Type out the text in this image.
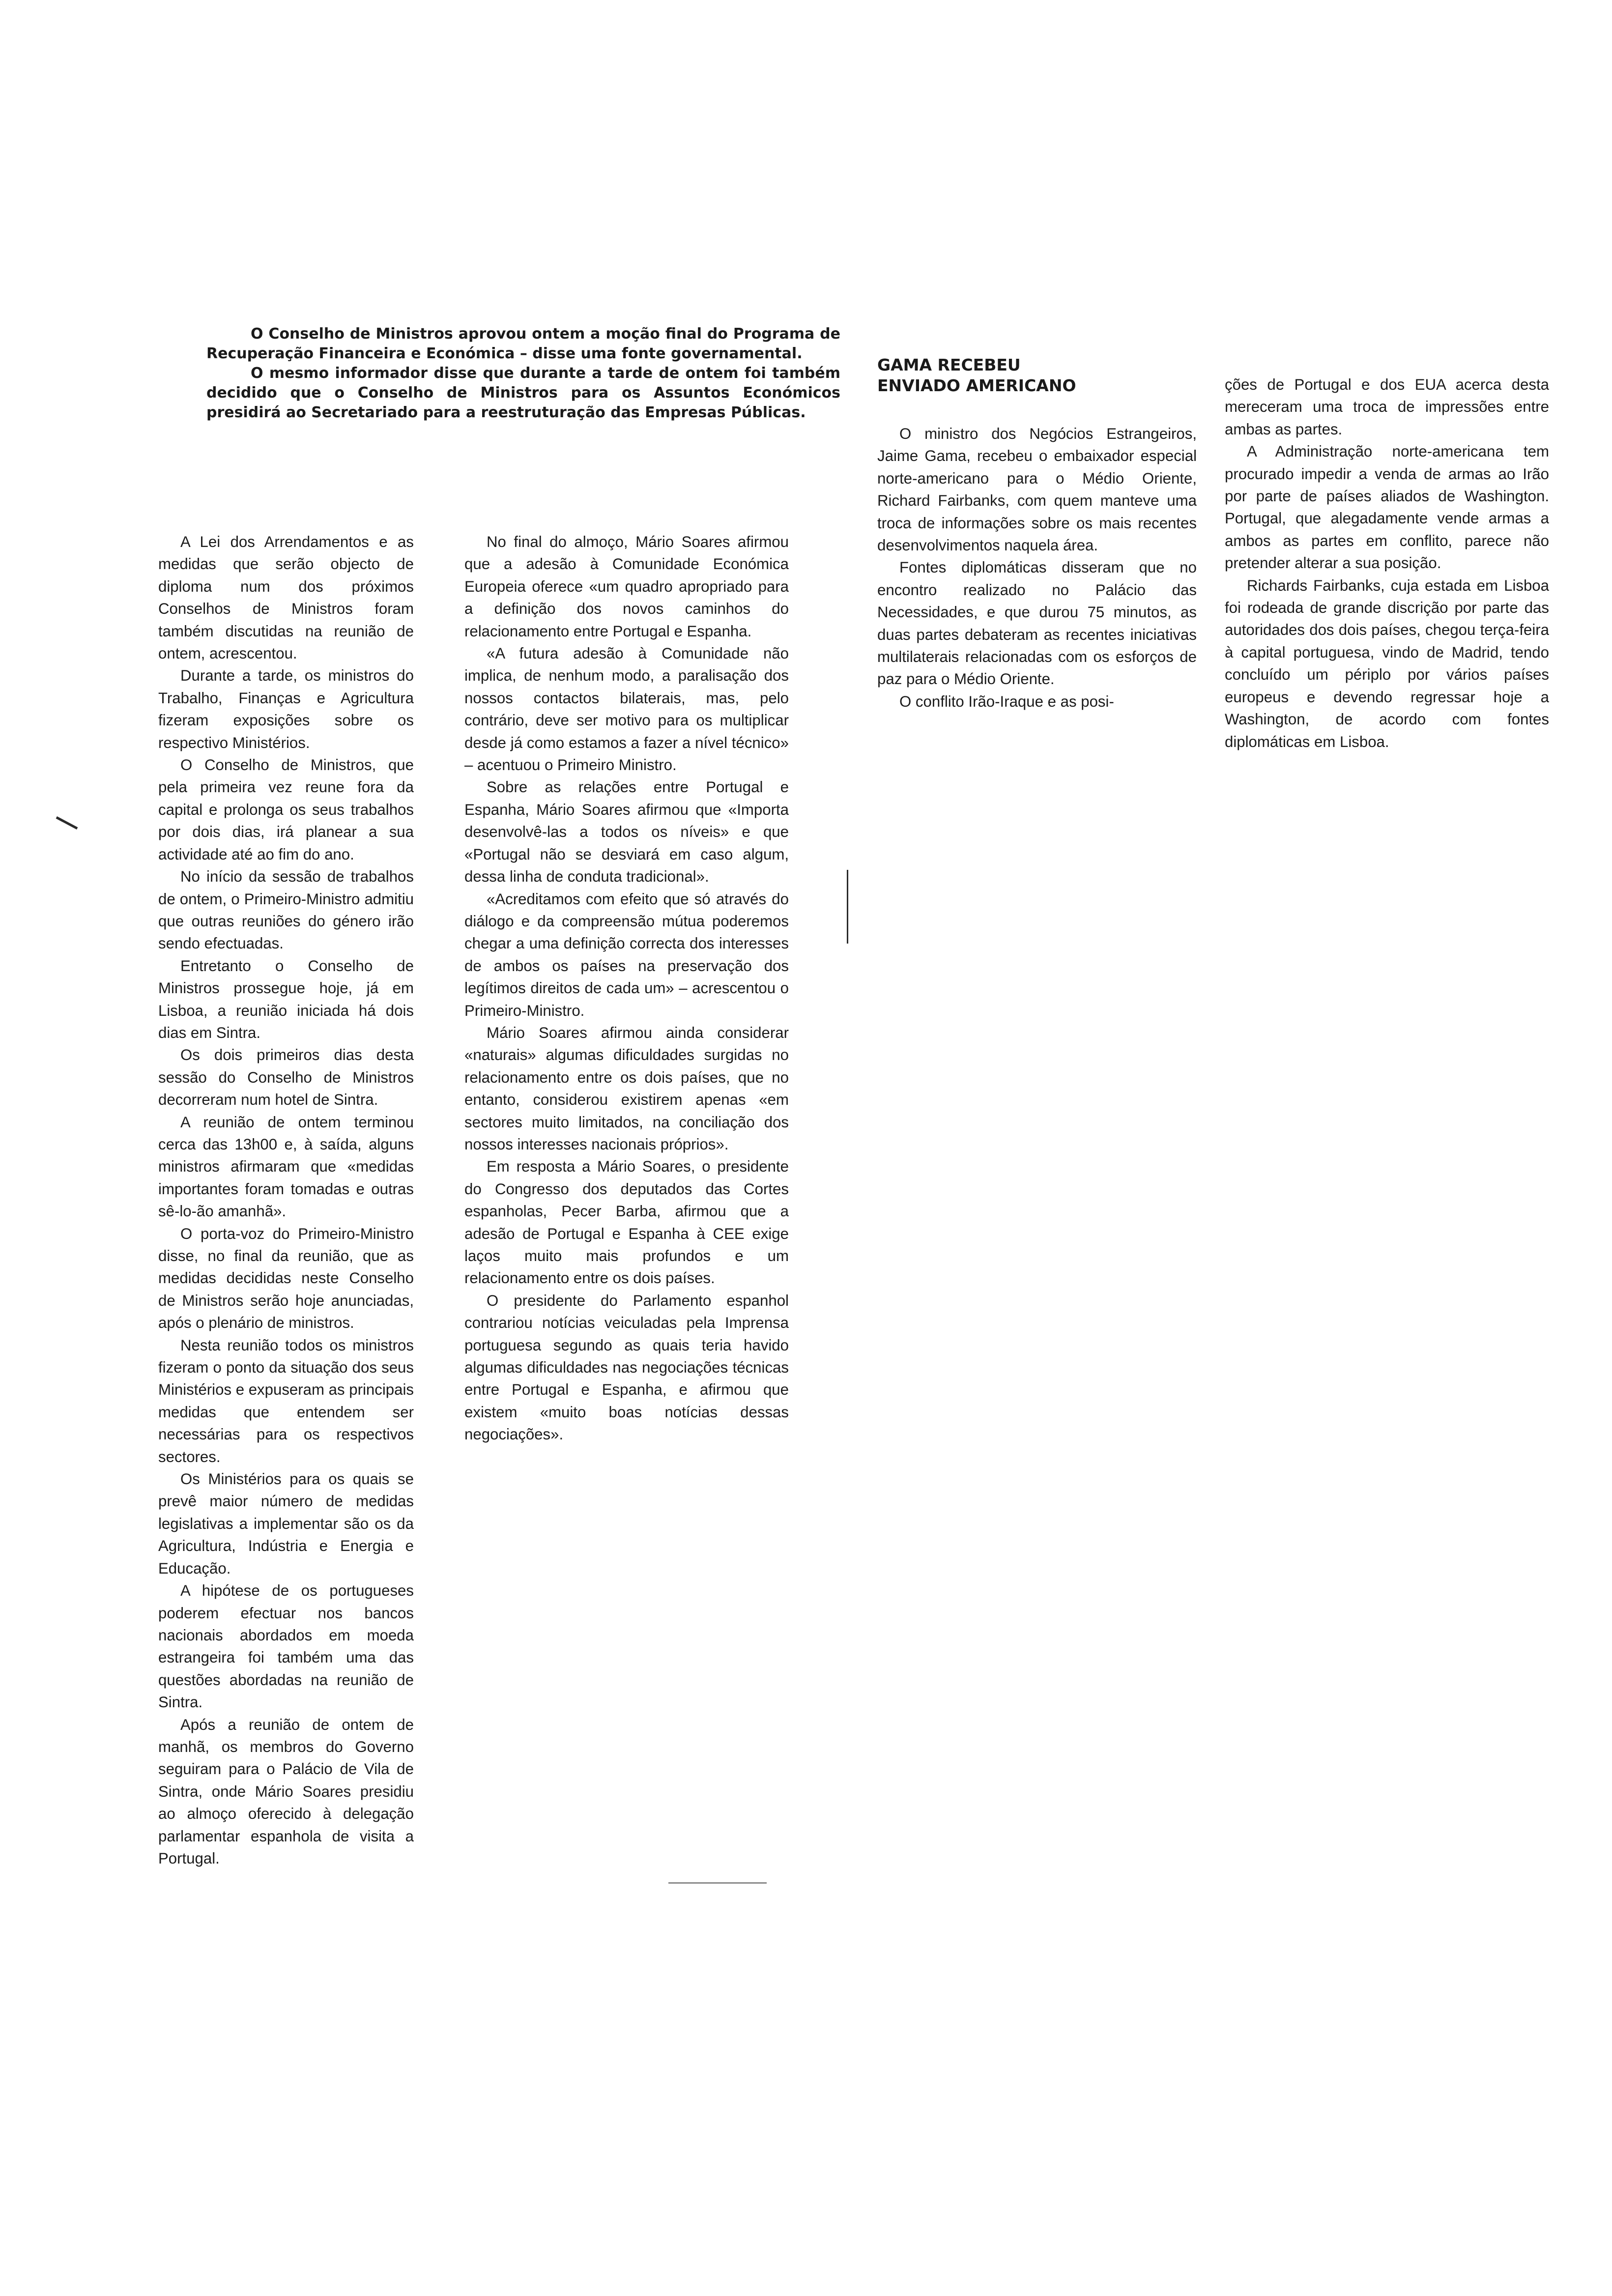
O Conselho de Ministros aprovou ontem a moção final do Programa de Recuperação Financeira e Económica – disse uma fonte governamental.

O mesmo informador disse que durante a tarde de ontem foi também decidido que o Conselho de Ministros para os Assuntos Económicos presidirá ao Secretariado para a reestruturação das Empresas Públicas.

A Lei dos Arrendamentos e as medidas que serão objecto de diploma num dos próximos Conselhos de Ministros foram também discutidas na reunião de ontem, acrescentou.

Durante a tarde, os ministros do Trabalho, Finanças e Agricultura fizeram exposições sobre os respectivo Ministérios.

O Conselho de Ministros, que pela primeira vez reune fora da capital e prolonga os seus trabalhos por dois dias, irá planear a sua actividade até ao fim do ano.

No início da sessão de trabalhos de ontem, o Primeiro-Ministro admitiu que outras reuniões do género irão sendo efectuadas.

Entretanto o Conselho de Ministros prossegue hoje, já em Lisboa, a reunião iniciada há dois dias em Sintra.

Os dois primeiros dias desta sessão do Conselho de Ministros decorreram num hotel de Sintra.

A reunião de ontem terminou cerca das 13h00 e, à saída, alguns ministros afirmaram que «medidas importantes foram tomadas e outras sê-lo-ão amanhã».

O porta-voz do Primeiro-Ministro disse, no final da reunião, que as medidas decididas neste Conselho de Ministros serão hoje anunciadas, após o plenário de ministros.

Nesta reunião todos os ministros fizeram o ponto da situação dos seus Ministérios e expuseram as principais medidas que entendem ser necessárias para os respectivos sectores.

Os Ministérios para os quais se prevê maior número de medidas legislativas a implementar são os da Agricultura, Indústria e Energia e Educação.

A hipótese de os portugueses poderem efectuar nos bancos nacionais abordados em moeda estrangeira foi também uma das questões abordadas na reunião de Sintra.

Após a reunião de ontem de manhã, os membros do Governo seguiram para o Palácio de Vila de Sintra, onde Mário Soares presidiu ao almoço oferecido à delegação parlamentar espanhola de visita a Portugal.

No final do almoço, Mário Soares afirmou que a adesão à Comunidade Económica Europeia oferece «um quadro apropriado para a definição dos novos caminhos do relacionamento entre Portugal e Espanha.

«A futura adesão à Comunidade não implica, de nenhum modo, a paralisação dos nossos contactos bilaterais, mas, pelo contrário, deve ser motivo para os multiplicar desde já como estamos a fazer a nível técnico» – acentuou o Primeiro Ministro.

Sobre as relações entre Portugal e Espanha, Mário Soares afirmou que «Importa desenvolvê-las a todos os níveis» e que «Portugal não se desviará em caso algum, dessa linha de conduta tradicional».

«Acreditamos com efeito que só através do diálogo e da compreensão mútua poderemos chegar a uma definição correcta dos interesses de ambos os países na preservação dos legítimos direitos de cada um» – acrescentou o Primeiro-Ministro.

Mário Soares afirmou ainda considerar «naturais» algumas dificuldades surgidas no relacionamento entre os dois países, que no entanto, considerou existirem apenas «em sectores muito limitados, na conciliação dos nossos interesses nacionais próprios».

Em resposta a Mário Soares, o presidente do Congresso dos deputados das Cortes espanholas, Pecer Barba, afirmou que a adesão de Portugal e Espanha à CEE exige laços muito mais profundos e um relacionamento entre os dois países.

O presidente do Parlamento espanhol contrariou notícias veiculadas pela Imprensa portuguesa segundo as quais teria havido algumas dificuldades nas negociações técnicas entre Portugal e Espanha, e afirmou que existem «muito boas notícias dessas negociações».

GAMA RECEBEU
ENVIADO AMERICANO

O ministro dos Negócios Estrangeiros, Jaime Gama, recebeu o embaixador especial norte-americano para o Médio Oriente, Richard Fairbanks, com quem manteve uma troca de informações sobre os mais recentes desenvolvimentos naquela área.

Fontes diplomáticas disseram que no encontro realizado no Palácio das Necessidades, e que durou 75 minutos, as duas partes debateram as recentes iniciativas multilaterais relacionadas com os esforços de paz para o Médio Oriente.

O conflito Irão-Iraque e as posi-

ções de Portugal e dos EUA acerca desta mereceram uma troca de impressões entre ambas as partes.

A Administração norte-americana tem procurado impedir a venda de armas ao Irão por parte de países aliados de Washington. Portugal, que alegadamente vende armas a ambos as partes em conflito, parece não pretender alterar a sua posição.

Richards Fairbanks, cuja estada em Lisboa foi rodeada de grande discrição por parte das autoridades dos dois países, chegou terça-feira à capital portuguesa, vindo de Madrid, tendo concluído um périplo por vários países europeus e devendo regressar hoje a Washington, de acordo com fontes diplomáticas em Lisboa.
